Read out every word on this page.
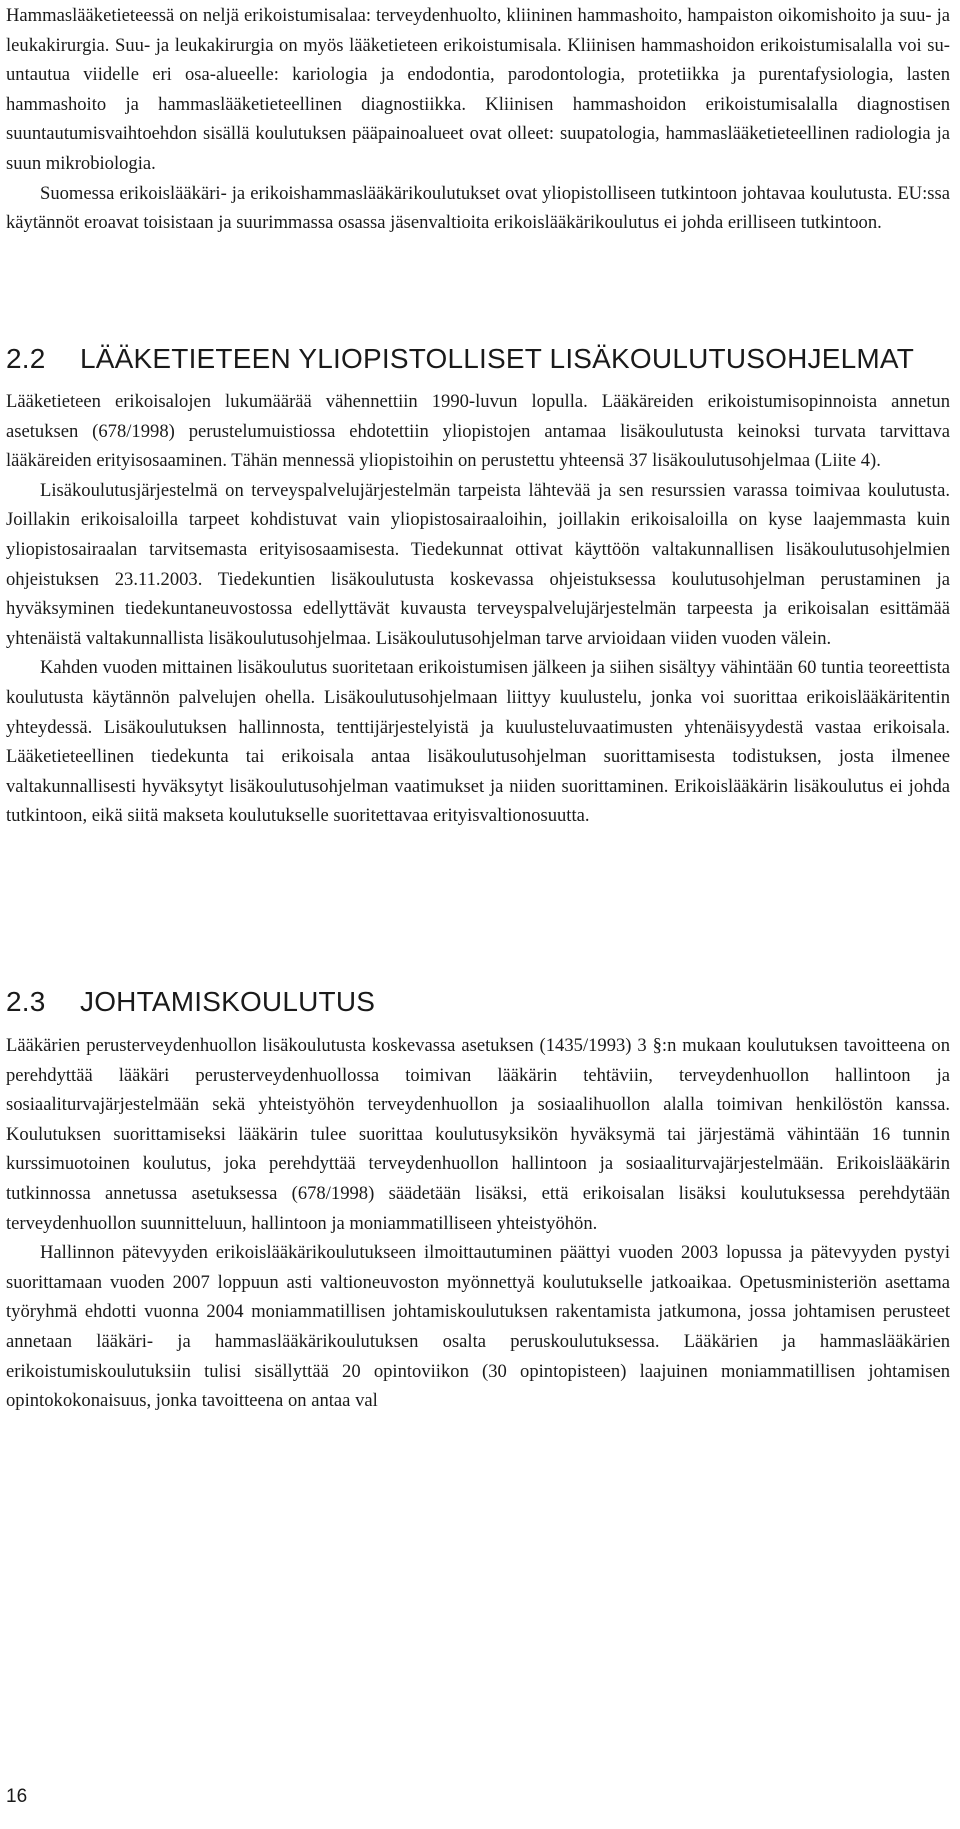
Hammaslääketieteessä on neljä erikoistumisalaa: terveydenhuolto, kliininen hammashoito, hampaiston oikomishoito ja suu- ja leukakirurgia. Suu- ja leukakirurgia on myös lääketieteen erikoistumisala. Kliinisen hammashoidon erikoistumisalalla voi suuntautua viidelle eri osa-alueelle: kariologia ja endodontia, parodontologia, protetiikka ja purentafysiologia, lasten hammashoito ja hammaslääketieteellinen diagnostiikka. Kliinisen hammashoidon erikoistumisalalla diagnostisen suuntautumisvaihtoehdon sisällä koulutuksen pääpainoalueet ovat olleet: suupatologia, hammaslääketieteellinen radiologia ja suun mikrobiologia.

Suomessa erikoislääkäri- ja erikoishammaslääkärikoulutukset ovat yliopistolliseen tutkintoon johtavaa koulutusta. EU:ssa käytännöt eroavat toisistaan ja suurimmassa osassa jäsenvaltioita erikoislääkärikoulutus ei johda erilliseen tutkintoon.

2.2 LÄÄKETIETEEN YLIOPISTOLLISET LISÄKOULUTUSOHJELMAT

Lääketieteen erikoisalojen lukumäärää vähennettiin 1990-luvun lopulla. Lääkäreiden erikoistumisopinnoista annetun asetuksen (678/1998) perustelumuistiossa ehdotettiin yliopistojen antamaa lisäkoulutusta keinoksi turvata tarvittava lääkäreiden erityisosaaminen. Tähän mennessä yliopistoihin on perustettu yhteensä 37 lisäkoulutusohjelmaa (Liite 4).

Lisäkoulutusjärjestelmä on terveyspalvelujärjestelmän tarpeista lähtevää ja sen resurssien varassa toimivaa koulutusta. Joillakin erikoisaloilla tarpeet kohdistuvat vain yliopistosairaaloihin, joillakin erikoisaloilla on kyse laajemmasta kuin yliopistosairaalan tarvitsemasta erityisosaamisesta. Tiedekunnat ottivat käyttöön valtakunnallisen lisäkoulutusohjelmien ohjeistuksen 23.11.2003. Tiedekuntien lisäkoulutusta koskevassa ohjeistuksessa koulutusohjelman perustaminen ja hyväksyminen tiedekuntaneuvostossa edellyttävät kuvausta terveyspalvelujärjestelmän tarpeesta ja erikoisalan esittämää yhtenäistä valtakunnallista lisäkoulutusohjelmaa. Lisäkoulutusohjelman tarve arvioidaan viiden vuoden välein.

Kahden vuoden mittainen lisäkoulutus suoritetaan erikoistumisen jälkeen ja siihen sisältyy vähintään 60 tuntia teoreettista koulutusta käytännön palvelujen ohella. Lisäkoulutusohjelmaan liittyy kuulustelu, jonka voi suorittaa erikoislääkäritentin yhteydessä. Lisäkoulutuksen hallinnosta, tenttijärjestelyistä ja kuulusteluvaatimusten yhtenäisyydestä vastaa erikoisala. Lääketieteellinen tiedekunta tai erikoisala antaa lisäkoulutusohjelman suorittamisesta todistuksen, josta ilmenee valtakunnallisesti hyväksytyt lisäkoulutusohjelman vaatimukset ja niiden suorittaminen. Erikoislääkärin lisäkoulutus ei johda tutkintoon, eikä siitä makseta koulutukselle suoritettavaa erityisvaltionosuutta.

2.3 JOHTAMISKOULUTUS

Lääkärien perusterveydenhuollon lisäkoulutusta koskevassa asetuksen (1435/1993) 3 §:n mukaan koulutuksen tavoitteena on perehdyttää lääkäri perusterveydenhuollossa toimivan lääkärin tehtäviin, terveydenhuollon hallintoon ja sosiaaliturvajärjestelmään sekä yhteistyöhön terveydenhuollon ja sosiaalihuollon alalla toimivan henkilöstön kanssa. Koulutuksen suorittamiseksi lääkärin tulee suorittaa koulutusyksikön hyväksymä tai järjestämä vähintään 16 tunnin kurssimuotoinen koulutus, joka perehdyttää terveydenhuollon hallintoon ja sosiaaliturvajärjestelmään. Erikoislääkärin tutkinnossa annetussa asetuksessa (678/1998) säädetään lisäksi, että erikoisalan lisäksi koulutuksessa perehdytään terveydenhuollon suunnitteluun, hallintoon ja moniammatilliseen yhteistyöhön.

Hallinnon pätevyyden erikoislääkärikoulutukseen ilmoittautuminen päättyi vuoden 2003 lopussa ja pätevyyden pystyi suorittamaan vuoden 2007 loppuun asti valtioneuvoston myönnettyä koulutukselle jatkoaikaa. Opetusministeriön asettama työryhmä ehdotti vuonna 2004 moniammatillisen johtamiskoulutuksen rakentamista jatkumona, jossa johtamisen perusteet annetaan lääkäri- ja hammaslääkärikoulutuksen osalta peruskoulutuksessa. Lääkärien ja hammaslääkärien erikoistumiskoulutuksiin tulisi sisällyttää 20 opintoviikon (30 opintopisteen) laajuinen moniammatillisen johtamisen opintokokonaisuus, jonka tavoitteena on antaa val

16
